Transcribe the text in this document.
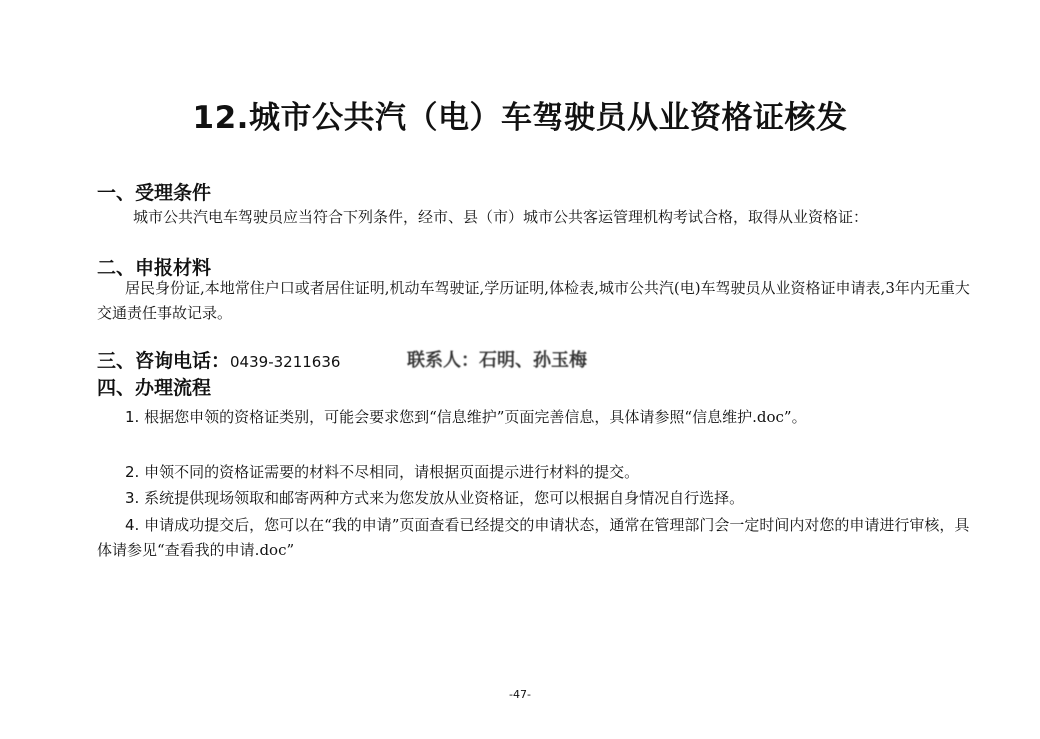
12.城市公共汽（电）车驾驶员从业资格证核发
一、受理条件
城市公共汽电车驾驶员应当符合下列条件，经市、县（市）城市公共客运管理机构考试合格，取得从业资格证：
二、申报材料
居民身份证,本地常住户口或者居住证明,机动车驾驶证,学历证明,体检表,城市公共汽(电)车驾驶员从业资格证申请表,3年内无重大交通责任事故记录。
三、咨询电话：0439-3211636	联系人：石明、孙玉梅
四、办理流程
1. 根据您申领的资格证类别，可能会要求您到“信息维护”页面完善信息，具体请参照“信息维护.doc”。
2. 申领不同的资格证需要的材料不尽相同，请根据页面提示进行材料的提交。
3. 系统提供现场领取和邮寄两种方式来为您发放从业资格证，您可以根据自身情况自行选择。
4. 申请成功提交后，您可以在“我的申请”页面查看已经提交的申请状态，通常在管理部门会一定时间内对您的申请进行审核，具体请参见“查看我的申请.doc”
-47-
